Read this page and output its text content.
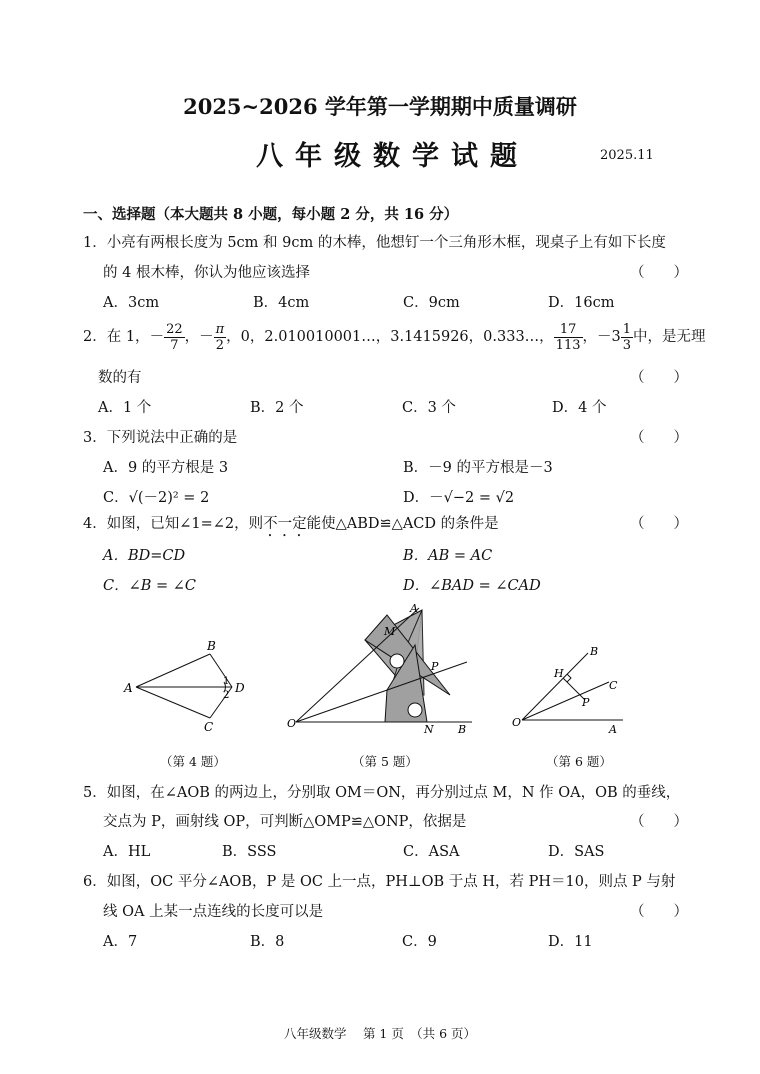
2025~2026 学年第一学期期中质量调研
八年级数学试题	2025.11
一、选择题（本大题共 8 小题，每小题 2 分，共 16 分）
1．小亮有两根长度为 5cm 和 9cm 的木棒，他想钉一个三角形木框，现桌子上有如下长度
的 4 根木棒，你认为他应该选择	（　　）
A．3cm	B．4cm	C．9cm	D．16cm
2．在 1，－ $\frac{22}{7}$ ，－ $\frac{\pi}{2}$ ，0，2.010010001…，3.1415926，0.333…， $\frac{17}{113}$ ，$-3 \frac{1}{3}$ 中，是无理
数的有	（　　）
A．1 个	B．2 个	C．3 个	D．4 个
3．下列说法中正确的是	（　　）
A．9 的平方根是 3	B．－9 的平方根是－3
C．√(－2)² = 2	D．－√−2 = √2
4．如图，已知∠1=∠2，则不一定能使△ABD≌△ACD 的条件是	（　　）
A．BD=CD	B．AB = AC
C．∠B = ∠C	D．∠BAD = ∠CAD
A
B
C
D
1
2
（第 4 题）
A
B
O
M
N
P
（第 5 题）
B
C
A
O
H
P
（第 6 题）
5．如图，在∠AOB 的两边上，分别取 OM＝ON，再分别过点 M，N 作 OA，OB 的垂线，
交点为 P，画射线 OP，可判断△OMP≌△ONP，依据是	（　　）
A．HL	B．SSS	C．ASA	D．SAS
6．如图，OC 平分∠AOB，P 是 OC 上一点，PH⊥OB 于点 H，若 PH＝10，则点 P 与射
线 OA 上某一点连线的长度可以是	（　　）
A．7	B．8	C．9	D．11
八年级数学　 第 1 页　（共 6 页）
